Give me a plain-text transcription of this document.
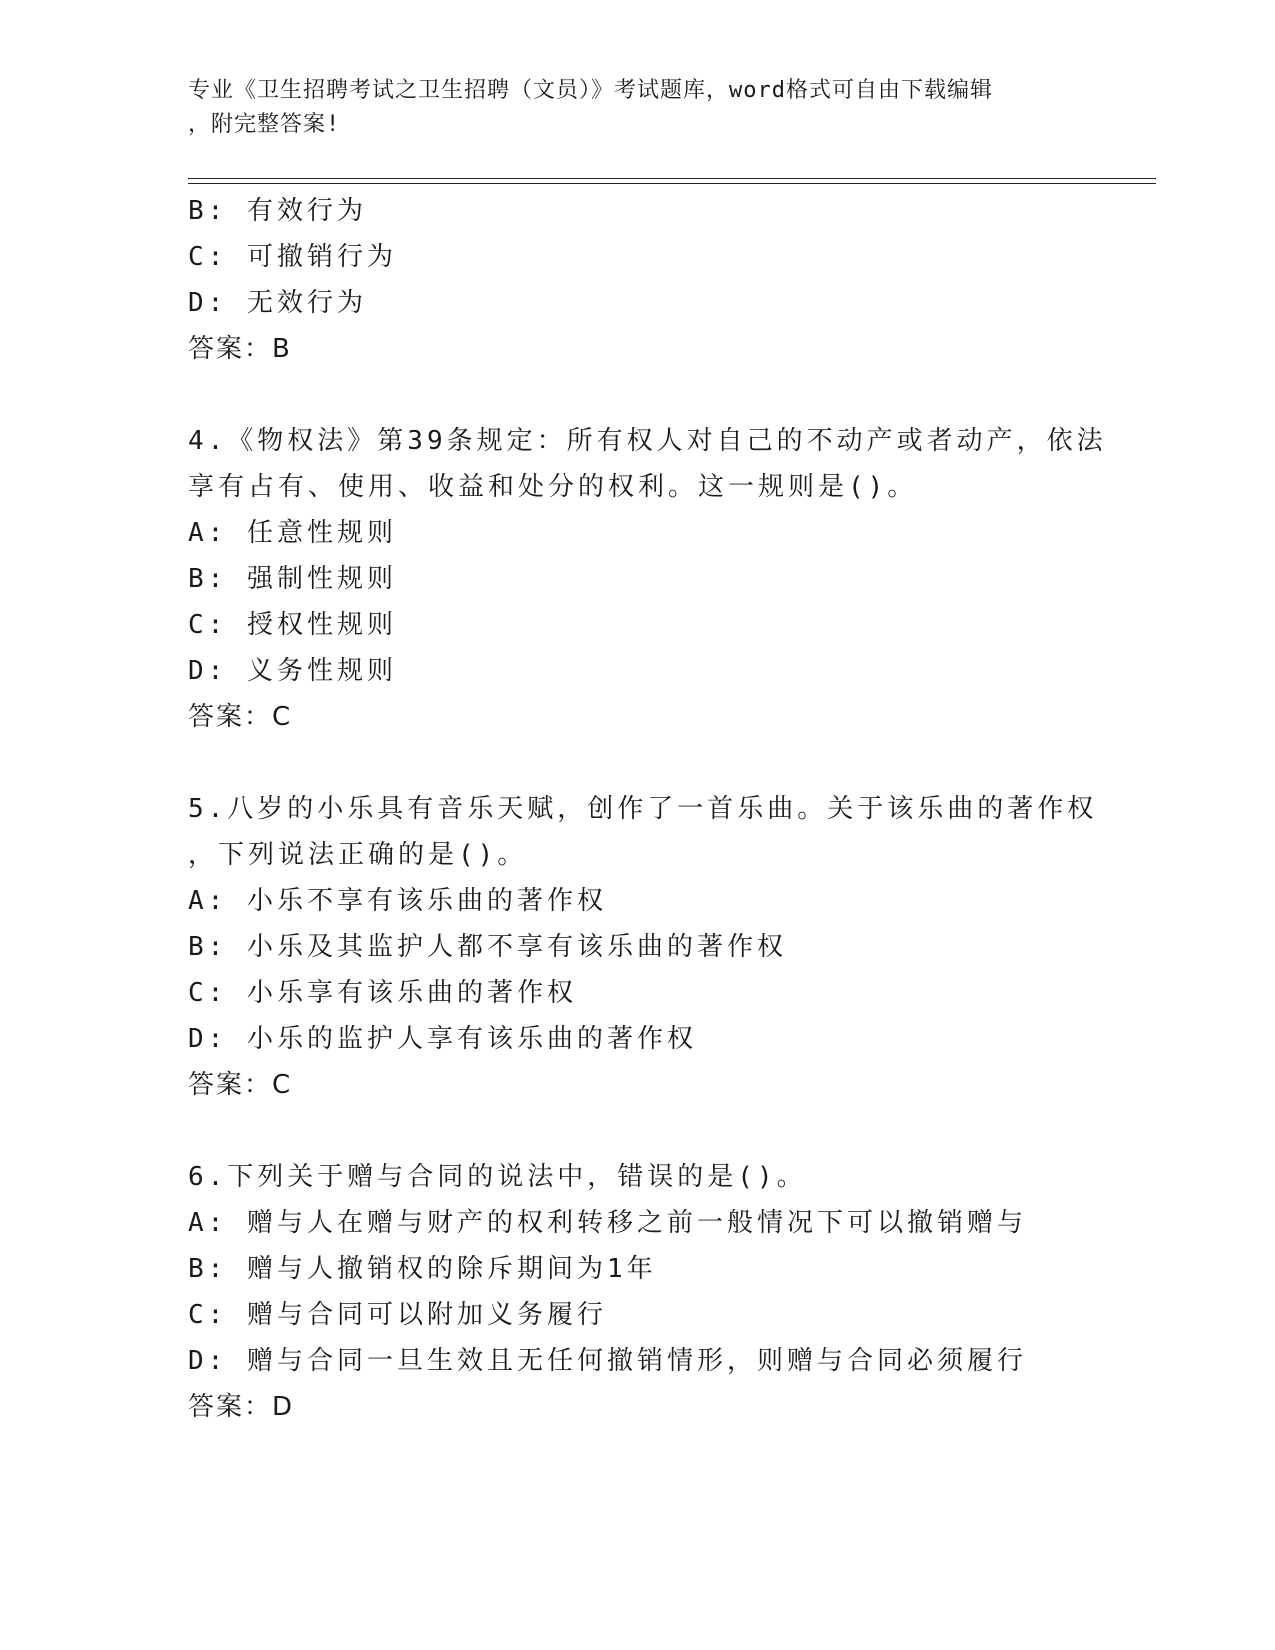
专业《卫生招聘考试之卫生招聘（文员）》考试题库，word格式可自由下载编辑
，附完整答案!

B: 有效行为

C: 可撤销行为

D: 无效行为

答案：B

4.《物权法》第39条规定：所有权人对自己的不动产或者动产，依法

享有占有、使用、收益和处分的权利。这一规则是()。

A: 任意性规则

B: 强制性规则

C: 授权性规则

D: 义务性规则

答案：C

5.八岁的小乐具有音乐天赋，创作了一首乐曲。关于该乐曲的著作权

，下列说法正确的是()。

A: 小乐不享有该乐曲的著作权

B: 小乐及其监护人都不享有该乐曲的著作权

C: 小乐享有该乐曲的著作权

D: 小乐的监护人享有该乐曲的著作权

答案：C

6.下列关于赠与合同的说法中，错误的是()。

A: 赠与人在赠与财产的权利转移之前一般情况下可以撤销赠与

B: 赠与人撤销权的除斥期间为1年

C: 赠与合同可以附加义务履行

D: 赠与合同一旦生效且无任何撤销情形，则赠与合同必须履行

答案：D
